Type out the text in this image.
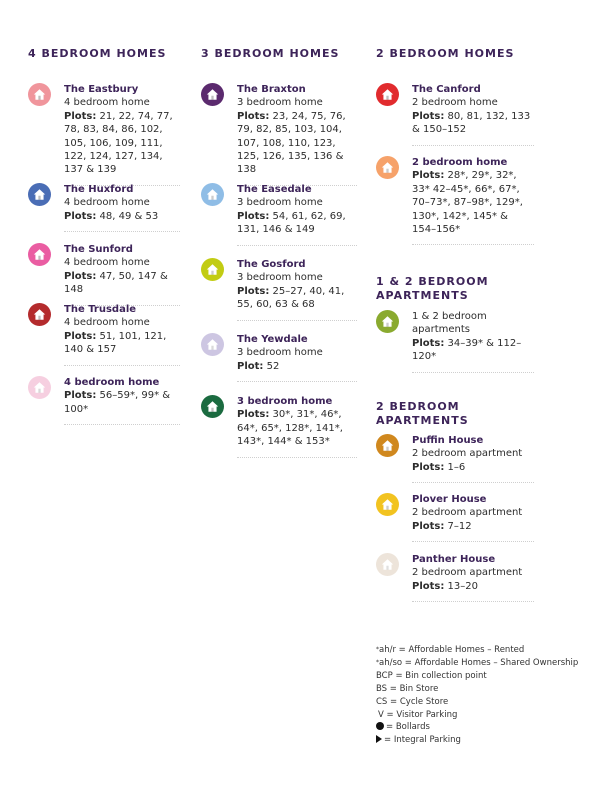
4 BEDROOM HOMES
The Eastbury
4 bedroom home
Plots: 21, 22, 74, 77, 78, 83, 84, 86, 102, 105, 106, 109, 111, 122, 124, 127, 134, 137 & 139
The Huxford
4 bedroom home
Plots: 48, 49 & 53
The Sunford
4 bedroom home
Plots: 47, 50, 147 & 148
The Trusdale
4 bedroom home
Plots: 51, 101, 121, 140 & 157
4 bedroom home
Plots: 56–59*, 99* & 100*
3 BEDROOM HOMES
The Braxton
3 bedroom home
Plots: 23, 24, 75, 76, 79, 82, 85, 103, 104, 107, 108, 110, 123, 125, 126, 135, 136 & 138
The Easedale
3 bedroom home
Plots: 54, 61, 62, 69, 131, 146 & 149
The Gosford
3 bedroom home
Plots: 25–27, 40, 41, 55, 60, 63 & 68
The Yewdale
3 bedroom home
Plot: 52
3 bedroom home
Plots: 30*, 31*, 46*, 64*, 65*, 128*, 141*, 143*, 144* & 153*
2 BEDROOM HOMES
The Canford
2 bedroom home
Plots: 80, 81, 132, 133 & 150–152
2 bedroom home
Plots: 28*, 29*, 32*, 33* 42–45*, 66*, 67*, 70–73*, 87–98*, 129*, 130*, 142*, 145* & 154–156*
1 & 2 BEDROOM
APARTMENTS
1 & 2 bedroom apartments
Plots: 34–39* & 112–120*
2 BEDROOM
APARTMENTS
Puffin House
2 bedroom apartment
Plots: 1–6
Plover House
2 bedroom apartment
Plots: 7–12
Panther House
2 bedroom apartment
Plots: 13–20
*ah/r = Affordable Homes – Rented
*ah/so = Affordable Homes – Shared Ownership
BCP = Bin collection point
BS = Bin Store
CS = Cycle Store
V = Visitor Parking
= Bollards
= Integral Parking
